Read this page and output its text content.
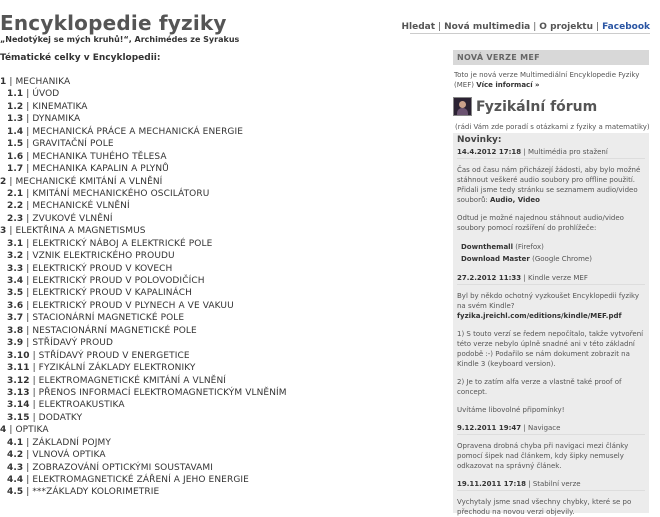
Encyklopedie fyziky
„Nedotýkej se mých kruhů!“, Archimédes ze Syrakus
Hledat | Nová multimedia | O projektu | Facebook
Tématické celky v Encyklopedii:
1 | MECHANIKA
1.1 | ÚVOD
1.2 | KINEMATIKA
1.3 | DYNAMIKA
1.4 | MECHANICKÁ PRÁCE A MECHANICKÁ ENERGIE
1.5 | GRAVITAČNÍ POLE
1.6 | MECHANIKA TUHÉHO TĚLESA
1.7 | MECHANIKA KAPALIN A PLYNŮ
2 | MECHANICKÉ KMITÁNÍ A VLNĚNÍ
2.1 | KMITÁNÍ MECHANICKÉHO OSCILÁTORU
2.2 | MECHANICKÉ VLNĚNÍ
2.3 | ZVUKOVÉ VLNĚNÍ
3 | ELEKTŘINA A MAGNETISMUS
3.1 | ELEKTRICKÝ NÁBOJ A ELEKTRICKÉ POLE
3.2 | VZNIK ELEKTRICKÉHO PROUDU
3.3 | ELEKTRICKÝ PROUD V KOVECH
3.4 | ELEKTRICKÝ PROUD V POLOVODIČÍCH
3.5 | ELEKTRICKÝ PROUD V KAPALINÁCH
3.6 | ELEKTRICKÝ PROUD V PLYNECH A VE VAKUU
3.7 | STACIONÁRNÍ MAGNETICKÉ POLE
3.8 | NESTACIONÁRNÍ MAGNETICKÉ POLE
3.9 | STŘÍDAVÝ PROUD
3.10 | STŘÍDAVÝ PROUD V ENERGETICE
3.11 | FYZIKÁLNÍ ZÁKLADY ELEKTRONIKY
3.12 | ELEKTROMAGNETICKÉ KMITÁNÍ A VLNĚNÍ
3.13 | PŘENOS INFORMACÍ ELEKTROMAGNETICKÝM VLNĚNÍM
3.14 | ELEKTROAKUSTIKA
3.15 | DODATKY
4 | OPTIKA
4.1 | ZÁKLADNÍ POJMY
4.2 | VLNOVÁ OPTIKA
4.3 | ZOBRAZOVÁNÍ OPTICKÝMI SOUSTAVAMI
4.4 | ELEKTROMAGNETICKÉ ZÁŘENÍ A JEHO ENERGIE
4.5 | ***ZÁKLADY KOLORIMETRIE
NOVÁ VERZE MEF
Toto je nová verze Multimediální Encyklopedie Fyziky (MEF) Více informací »
Fyzikální fórum
(rádi Vám zde poradí s otázkami z fyziky a matematiky)
Novinky:
14.4.2012 17:18 | Multimédia pro stažení

Čas od času nám přicházejí žádosti, aby bylo možné stáhnout veškeré audio soubory pro offline použití. Přidali jsme tedy stránku se seznamem audio/video souborů: Audio, Video

Odtud je možné najednou stáhnout audio/video soubory pomocí rozšíření do prohlížeče:

Downthemall (Firefox)
Download Master (Google Chrome)
27.2.2012 11:33 | Kindle verze MEF

Byl by někdo ochotný vyzkoušet Encyklopedii fyziky na svém Kindle?
fyzika.jreichl.com/editions/kindle/MEF.pdf

1) S touto verzí se ředem nepočítalo, takže vytvoření této verze nebylo úplně snadné ani v této základní podobě :-) Podařilo se nám dokument zobrazit na Kindle 3 (keyboard version).

2) Je to zatím alfa verze a vlastně také proof of concept.

Uvítáme libovolné připomínky!

9.12.2011 19:47 | Navigace

Opravena drobná chyba při navigaci mezi články pomocí šipek nad článkem, kdy šipky nemusely odkazovat na správný článek.

19.11.2011 17:18 | Stabilní verze

Vychytaly jsme snad všechny chybky, které se po přechodu na novou verzi objevily.
